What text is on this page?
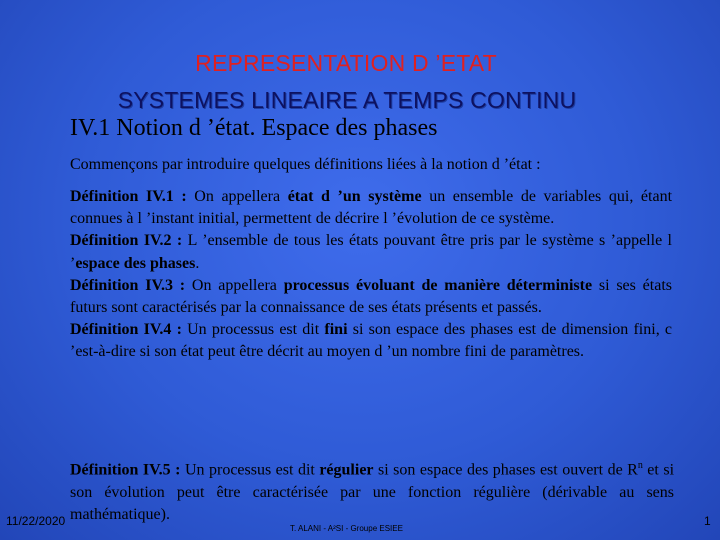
REPRESENTATION D ’ETAT
SYSTEMES LINEAIRE A TEMPS CONTINU
IV.1 Notion d ’état. Espace des phases
Commençons par introduire quelques définitions liées à la notion d ’état :

Définition IV.1 : On appellera état d ’un système un ensemble de variables qui, étant connues à l ’instant initial, permettent de décrire l ’évolution de ce système.

Définition IV.2 : L ’ensemble de tous les états pouvant être pris par le système s ’appelle l ’espace des phases.

Définition IV.3 : On appellera processus évoluant de manière déterministe si ses états futurs sont caractérisés par la connaissance de ses états présents et passés.

Définition IV.4 : Un processus est dit fini si son espace des phases est de dimension fini, c ’est-à-dire si son état peut être décrit au moyen d ’un nombre fini de paramètres.

Définition IV.5 : Un processus est dit régulier si son espace des phases est ouvert de $R^n$ et si son évolution peut être caractérisée par une fonction régulière (dérivable au sens mathématique).

11/22/2020
T. ALANI - A²SI - Groupe ESIEE
1
